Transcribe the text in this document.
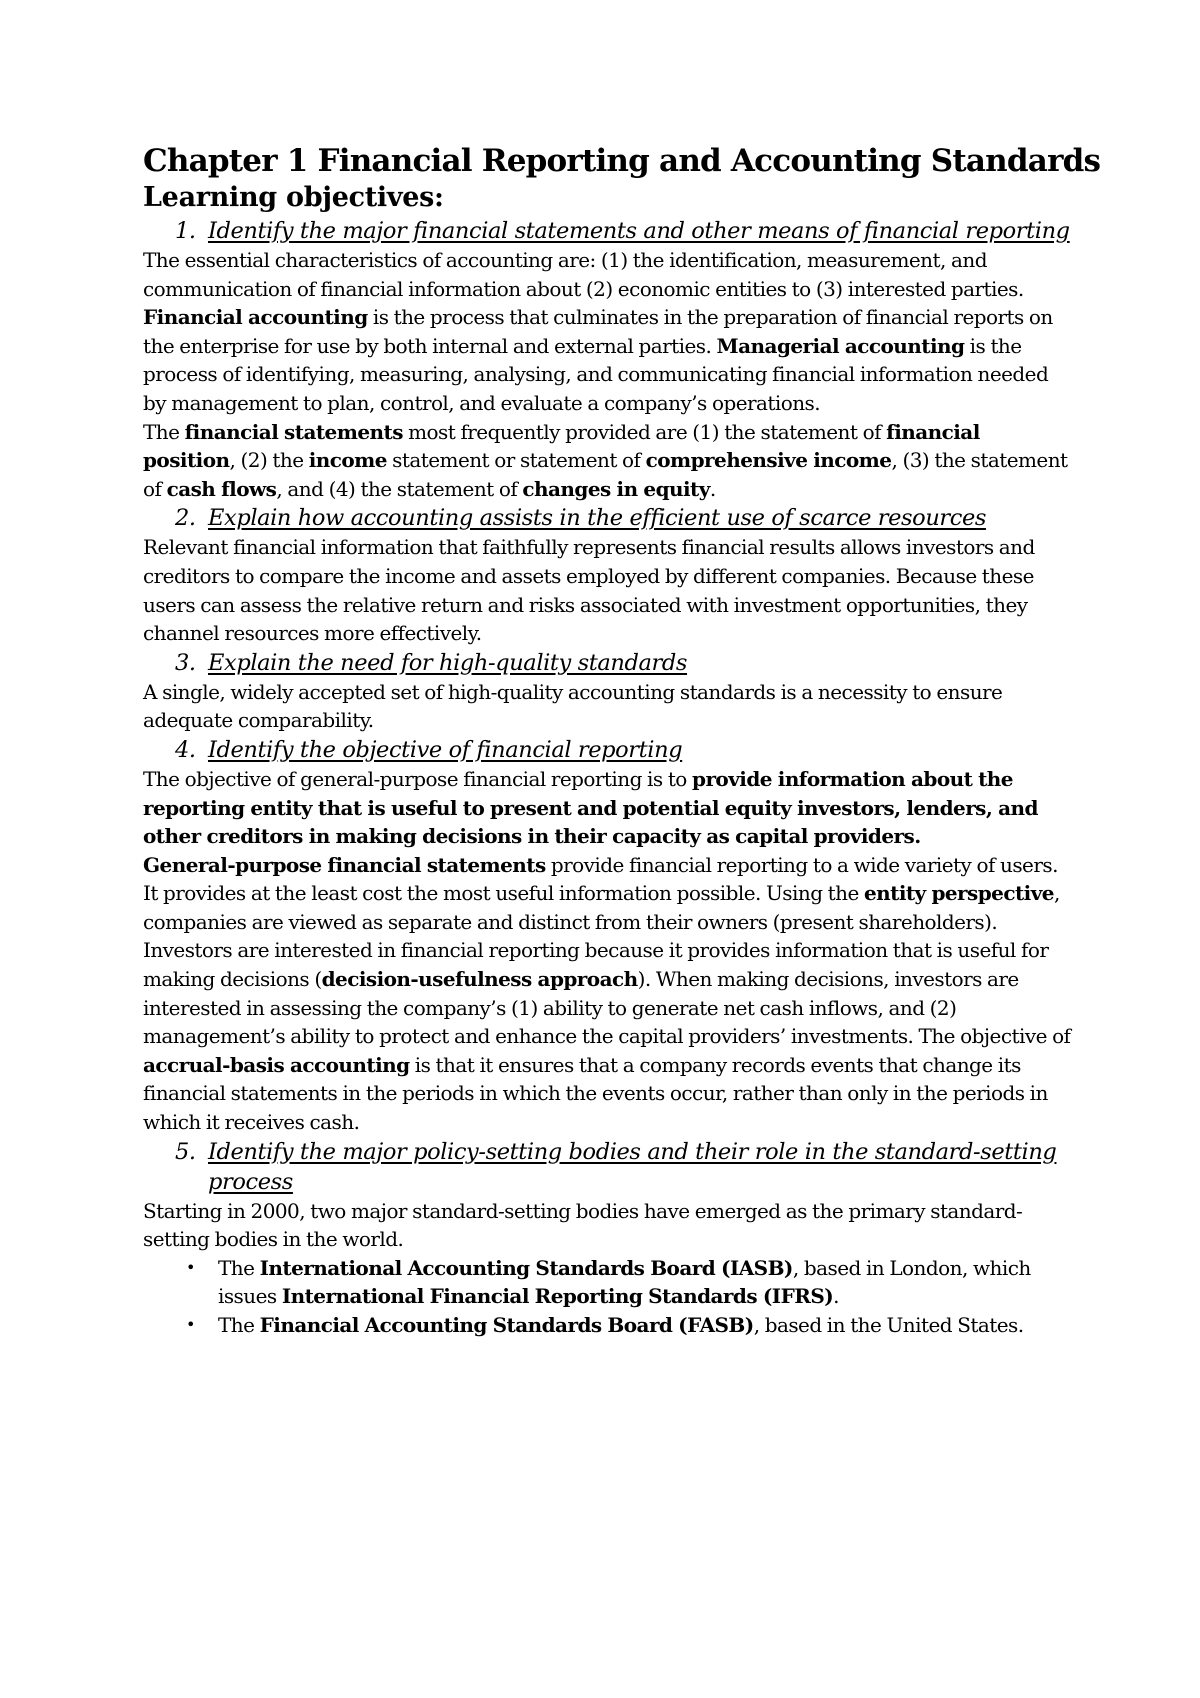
Chapter 1 Financial Reporting and Accounting Standards
Learning objectives:
1. Identify the major financial statements and other means of financial reporting

The essential characteristics of accounting are: (1) the identification, measurement, and communication of financial information about (2) economic entities to (3) interested parties. Financial accounting is the process that culminates in the preparation of financial reports on the enterprise for use by both internal and external parties. Managerial accounting is the process of identifying, measuring, analysing, and communicating financial information needed by management to plan, control, and evaluate a company’s operations.

The financial statements most frequently provided are (1) the statement of financial position, (2) the income statement or statement of comprehensive income, (3) the statement of cash flows, and (4) the statement of changes in equity.

2. Explain how accounting assists in the efficient use of scarce resources

Relevant financial information that faithfully represents financial results allows investors and creditors to compare the income and assets employed by different companies. Because these users can assess the relative return and risks associated with investment opportunities, they channel resources more effectively.

3. Explain the need for high-quality standards

A single, widely accepted set of high-quality accounting standards is a necessity to ensure adequate comparability.

4. Identify the objective of financial reporting

The objective of general-purpose financial reporting is to provide information about the reporting entity that is useful to present and potential equity investors, lenders, and other creditors in making decisions in their capacity as capital providers.

General-purpose financial statements provide financial reporting to a wide variety of users. It provides at the least cost the most useful information possible. Using the entity perspective, companies are viewed as separate and distinct from their owners (present shareholders). Investors are interested in financial reporting because it provides information that is useful for making decisions (decision-usefulness approach). When making decisions, investors are interested in assessing the company’s (1) ability to generate net cash inflows, and (2) management’s ability to protect and enhance the capital providers’ investments. The objective of accrual-basis accounting is that it ensures that a company records events that change its financial statements in the periods in which the events occur, rather than only in the periods in which it receives cash.

5. Identify the major policy-setting bodies and their role in the standard-setting process

Starting in 2000, two major standard-setting bodies have emerged as the primary standard-setting bodies in the world.

•	The International Accounting Standards Board (IASB), based in London, which issues International Financial Reporting Standards (IFRS).
•	The Financial Accounting Standards Board (FASB), based in the United States.
